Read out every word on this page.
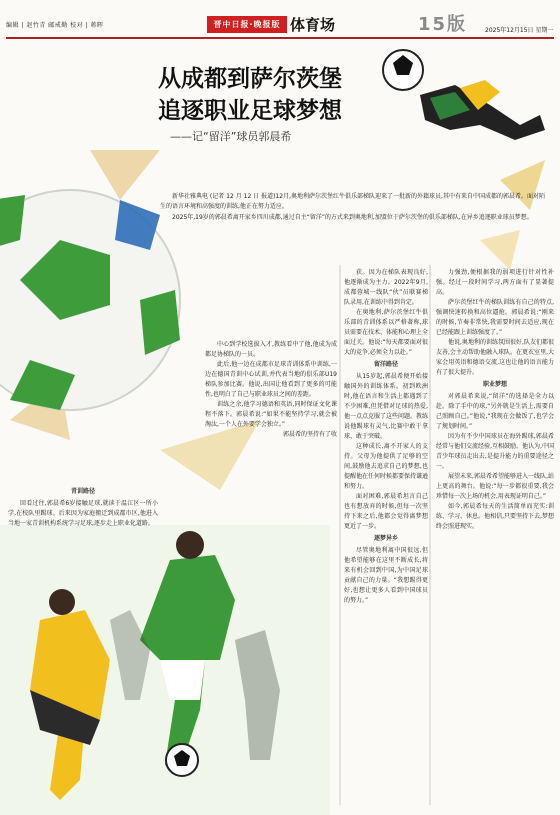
编辑 | 赵竹青 邮戒勤 校对 | 蒋晖	晋中日报·晚报版 体育场	15版	2025年12月15日 星期一
从成都到萨尔茨堡
追逐职业足球梦想
——记“留洋”球员郭晨希

新华社雅典电 (记者 12 月 12 日 报道)12月,奥地利萨尔茨堡红牛俱乐部梯队迎来了一批新的外籍球员,其中有来自中国成都的郭晨希。面对陌生的语言环境和高强度的训练,他正在努力适应。

2025年,19岁的郭晨希离开家乡四川成都,通过自主“留洋”的方式来到奥地利,加盟位于萨尔茨堡的俱乐部梯队,在异乡追逐职业球员梦想。

青训路径

回看过往,郭晨希6岁接触足球,就读于温江区一所小学,在校队里踢球。后来因为家庭搬迁到成都市区,他进入当地一家青训机构系统学习足球,逐步走上职业化道路。

中心到学校选拔入才,教练看中了他,他成为成都足协梯队的一员。

此后,他一边在成都市足球青训体系中训练,一边在德国青训中心试训,并代表当地的俱乐部U19梯队参加比赛。他说,出国让他看到了更多的可能性,也明白了自己与职业球员之间的差距。

训练之余,他学习德语和英语,同时保证文化课程不落下。郭晨希说:“如果不能坚持学习,就会被淘汰,一个人在外要学会独立。”

郭晨希的坚持有了收

获。因为在梯队表现良好,他逐渐成为主力。2022年9月,成都蓉城一线队“伙”员联赛梯队录用,在训练中得到肯定。

在奥地利,萨尔茨堡红牛俱乐部的青训体系以严格著称,球员需要在技术、体能和心理上全面过关。他说:“每天都要面对很大的竞争,必须全力以赴。”

留洋路径

从15岁起,郭晨希便开始接触国外的训练体系。初到欧洲时,他在语言和生活上都遇到了不少困难,但凭借对足球的热爱,他一点点克服了这些问题。教练说他踢球有灵气,比赛中敢于拿球、敢于突破。

这种成长,离不开家人的支持。父母为他提供了足够的空间,鼓励他去追求自己的梦想,也提醒他在任何时候都要保持谦逊和努力。

面对困难,郭晨希坦言自己也有想放弃的时候,但每一次坚持下来之后,他都会觉得离梦想更近了一步。

逐梦异乡

尽管奥地利离中国很远,但他希望能够在这里不断成长,将来有机会回到中国,为中国足球贡献自己的力量。“我想踢得更好,也想让更多人看到中国球员的努力。”

力强劲,便根据我的弱项进行针对性补强。经过一段时间学习,两方面有了显著提高。

萨尔茨堡红牛的梯队训练有自己的特点,强调快速转换和高位逼抢。郭晨希说:“刚来的时候,节奏非常快,我需要时间去适应,现在已经能跟上训练强度了。”

他说,奥地利的训练氛围很好,队友们都很友善,会主动帮助他融入球队。在更衣室里,大家会用英语和德语交流,这也让他的语言能力有了很大提升。

职业梦想

对郭晨希来说,“留洋”的选择是全力以赴。除了手中的球,“另外就是生活上,需要自己照顾自己。”他说,“我现在会做饭了,也学会了规划时间。”

因为有不少中国球员在海外踢球,郭晨希经常与他们交流经验,互相鼓励。他认为,中国青少年球员走出去,是提升能力的重要途径之一。

展望未来,郭晨希希望能够进入一线队,站上更高的舞台。他说:“每一步都很重要,我会珍惜每一次上场的机会,用表现证明自己。”

如今,郭晨希每天的生活简单而充实:训练、学习、休息。他相信,只要坚持下去,梦想终会照进现实。
